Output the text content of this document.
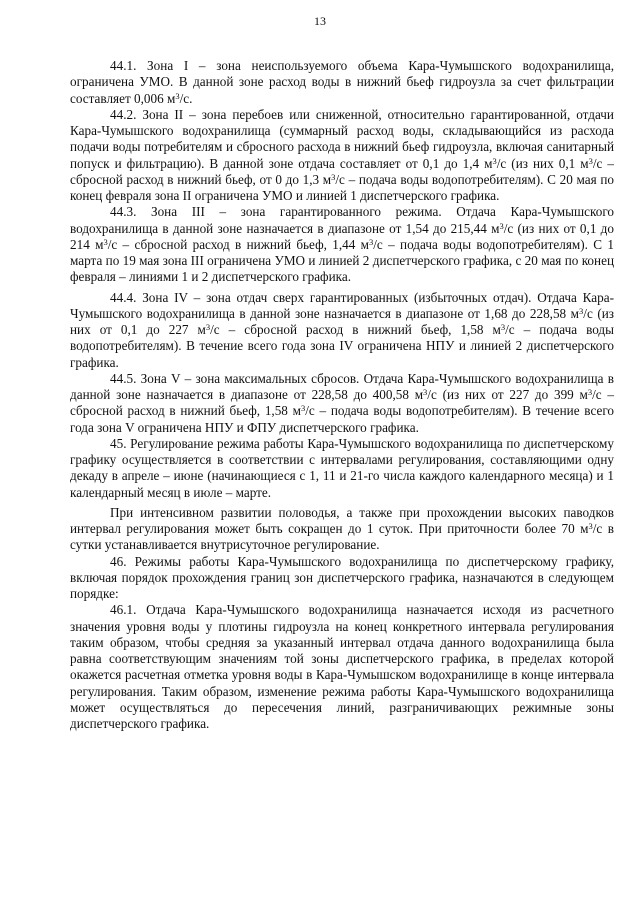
13

44.1. Зона I – зона неиспользуемого объема Кара-Чумышского водохранилища, ограничена УМО. В данной зоне расход воды в нижний бьеф гидроузла за счет фильтрации составляет 0,006 $м^3/с$.

44.2. Зона II – зона перебоев или сниженной, относительно гарантированной, отдачи Кара-Чумышского водохранилища (суммарный расход воды, складывающийся из расхода подачи воды потребителям и сбросного расхода в нижний бьеф гидроузла, включая санитарный попуск и фильтрацию). В данной зоне отдача составляет от 0,1 до 1,4 $м^3/с$ (из них 0,1 $м^3/с$ – сбросной расход в нижний бьеф, от 0 до 1,3 $м^3/с$ – подача воды водопотребителям). С 20 мая по конец февраля зона II ограничена УМО и линией 1 диспетчерского графика.

44.3. Зона III – зона гарантированного режима. Отдача Кара-Чумышского водохранилища в данной зоне назначается в диапазоне от 1,54 до 215,44 $м^3/с$ (из них от 0,1 до 214 $м^3/с$ – сбросной расход в нижний бьеф, 1,44 $м^3/с$ – подача воды водопотребителям). С 1 марта по 19 мая зона III ограничена УМО и линией 2 диспетчерского графика, с 20 мая по конец февраля – линиями 1 и 2 диспетчерского графика.

44.4. Зона IV – зона отдач сверх гарантированных (избыточных отдач). Отдача Кара-Чумышского водохранилища в данной зоне назначается в диапазоне от 1,68 до 228,58 $м^3/с$ (из них от 0,1 до 227 $м^3/с$ – сбросной расход в нижний бьеф, 1,58 $м^3/с$ – подача воды водопотребителям). В течение всего года зона IV ограничена НПУ и линией 2 диспетчерского графика.

44.5. Зона V – зона максимальных сбросов. Отдача Кара-Чумышского водохранилища в данной зоне назначается в диапазоне от 228,58 до 400,58 $м^3/с$ (из них от 227 до 399 $м^3/с$ – сбросной расход в нижний бьеф, 1,58 $м^3/с$ – подача воды водопотребителям). В течение всего года зона V ограничена НПУ и ФПУ диспетчерского графика.

45. Регулирование режима работы Кара-Чумышского водохранилища по диспетчерскому графику осуществляется в соответствии с интервалами регулирования, составляющими одну декаду в апреле – июне (начинающиеся с 1, 11 и 21-го числа каждого календарного месяца) и 1 календарный месяц в июле – марте.

При интенсивном развитии половодья, а также при прохождении высоких паводков интервал регулирования может быть сокращен до 1 суток. При приточности более 70 $м^3/с$ в сутки устанавливается внутрисуточное регулирование.

46. Режимы работы Кара-Чумышского водохранилища по диспетчерскому графику, включая порядок прохождения границ зон диспетчерского графика, назначаются в следующем порядке:

46.1. Отдача Кара-Чумышского водохранилища назначается исходя из расчетного значения уровня воды у плотины гидроузла на конец конкретного интервала регулирования таким образом, чтобы средняя за указанный интервал отдача данного водохранилища была равна соответствующим значениям той зоны диспетчерского графика, в пределах которой окажется расчетная отметка уровня воды в Кара-Чумышском водохранилище в конце интервала регулирования. Таким образом, изменение режима работы Кара-Чумышского водохранилища может осуществляться до пересечения линий, разграничивающих режимные зоны диспетчерского графика.
